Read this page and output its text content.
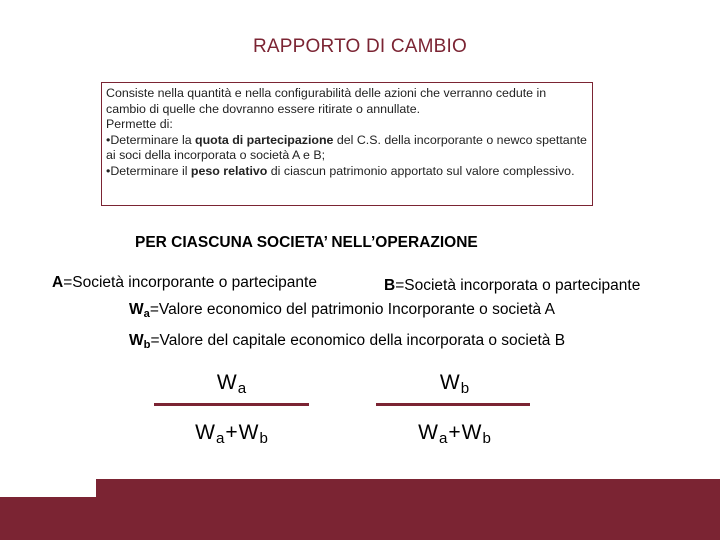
RAPPORTO DI CAMBIO

Consiste nella quantità e nella configurabilità delle azioni che verranno cedute in cambio di quelle che dovranno essere ritirate o annullate.

Permette di:

•Determinare la quota di partecipazione del C.S. della incorporante o newco spettante ai soci della incorporata o società A e B;

•Determinare il peso relativo di ciascun patrimonio apportato sul valore complessivo.

PER CIASCUNA SOCIETA’ NELL’OPERAZIONE
A=Società incorporante o partecipante	B=Società incorporata o partecipante
$W_a=Valore$ economico del patrimonio Incorporante o società A
$W_b=Valore$ del capitale economico della incorporata o società B
$W_a$
$W_a+W_b$
$W_b$
$W_a+W_b$
